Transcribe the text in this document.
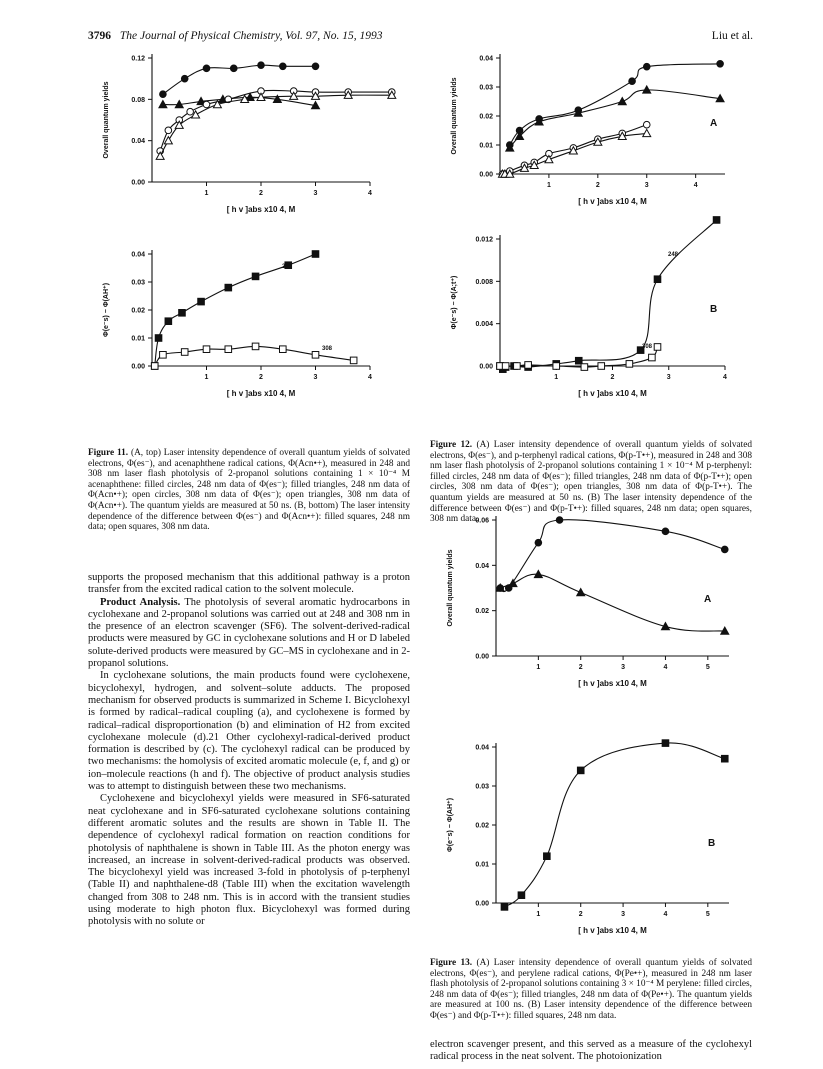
3796 The Journal of Physical Chemistry, Vol. 97, No. 15, 1993	Liu et al.
1	2	3	4
0.00
0.04
0.08
0.12
Overall quantum yields
[ h v ]abs x10 4, M
1	2	3	4
0.00
0.01
0.02
0.03
0.04
Φ(e⁻s) − Φ(AH⁺)
[ h v ]abs x10 4, M
248
308
1	2	3	4
0.00
0.01
0.02
0.03
0.04
Overall quantum yields
[ h v ]abs x10 4, M
A
1	2	3	4
0.00
0.004
0.008
0.012
Φ(e⁻s) − Φ(A;t⁺)
[ h v ]abs x10 4, M
B
248
308
1	2	3	4	5
0.00
0.02
0.04
0.06
Overall quantum yields
[ h v ]abs x10 4, M
A
1	2	3	4	5
0.00
0.01
0.02
0.03
0.04
Φ(e⁻s) − Φ(AH⁺)
[ h v ]abs x10 4, M
B
Figure 11. (A, top) Laser intensity dependence of overall quantum yields of solvated electrons, Φ(es⁻), and acenaphthene radical cations, Φ(Acn•+), measured in 248 and 308 nm laser flash photolysis of 2-propanol solutions containing 1 × 10⁻⁴ M acenaphthene: filled circles, 248 nm data of Φ(es⁻); filled triangles, 248 nm data of Φ(Acn•+); open circles, 308 nm data of Φ(es⁻); open triangles, 308 nm data of Φ(Acn•+). The quantum yields are measured at 50 ns. (B, bottom) The laser intensity dependence of the difference between Φ(es⁻) and Φ(Acn•+): filled squares, 248 nm data; open squares, 308 nm data.
Figure 12. (A) Laser intensity dependence of overall quantum yields of solvated electrons, Φ(es⁻), and p-terphenyl radical cations, Φ(p-T•+), measured in 248 and 308 nm laser flash photolysis of 2-propanol solutions containing 1 × 10⁻⁴ M p-terphenyl: filled circles, 248 nm data of Φ(es⁻); filled triangles, 248 nm data of Φ(p-T•+); open circles, 308 nm data of Φ(es⁻); open triangles, 308 nm data of Φ(p-T•+). The quantum yields are measured at 50 ns. (B) The laser intensity dependence of the difference between Φ(es⁻) and Φ(p-T•+): filled squares, 248 nm data; open squares, 308 nm data.
Figure 13. (A) Laser intensity dependence of overall quantum yields of solvated electrons, Φ(es⁻), and perylene radical cations, Φ(Pe•+), measured in 248 nm laser flash photolysis of 2-propanol solutions containing 3 × 10⁻⁴ M perylene: filled circles, 248 nm data of Φ(es⁻); filled triangles, 248 nm data of Φ(Pe•+). The quantum yields are measured at 100 ns. (B) Laser intensity dependence of the difference between Φ(es⁻) and Φ(p-T•+): filled squares, 248 nm data.

supports the proposed mechanism that this additional pathway is a proton transfer from the excited radical cation to the solvent molecule.

Product Analysis. The photolysis of several aromatic hydrocarbons in cyclohexane and 2-propanol solutions was carried out at 248 and 308 nm in the presence of an electron scavenger (SF6). The solvent-derived-radical products were measured by GC in cyclohexane solutions and H or D labeled solute-derived products were measured by GC–MS in cyclohexane and in 2-propanol solutions.

In cyclohexane solutions, the main products found were cyclohexene, bicyclohexyl, hydrogen, and solvent–solute adducts. The proposed mechanism for observed products is summarized in Scheme I. Bicyclohexyl is formed by radical–radical coupling (a), and cyclohexene is formed by radical–radical disproportionation (b) and elimination of H2 from excited cyclohexane molecule (d).21 Other cyclohexyl-radical-derived product formation is described by (c). The cyclohexyl radical can be produced by two mechanisms: the homolysis of excited aromatic molecule (e, f, and g) or ion–molecule reactions (h and f). The objective of product analysis studies was to attempt to distinguish between these two mechanisms.

Cyclohexene and bicyclohexyl yields were measured in SF6-saturated neat cyclohexane and in SF6-saturated cyclohexane solutions containing different aromatic solutes and the results are shown in Table II. The dependence of cyclohexyl radical formation on reaction conditions for photolysis of naphthalene is shown in Table III. As the photon energy was increased, an increase in solvent-derived-radical products was observed. The bicyclohexyl yield was increased 3-fold in photolysis of p-terphenyl (Table II) and naphthalene-d8 (Table III) when the excitation wavelength changed from 308 to 248 nm. This is in accord with the transient studies using moderate to high photon flux. Bicyclohexyl was formed during photolysis with no solute or

electron scavenger present, and this served as a measure of the cyclohexyl radical process in the neat solvent. The photoionization
